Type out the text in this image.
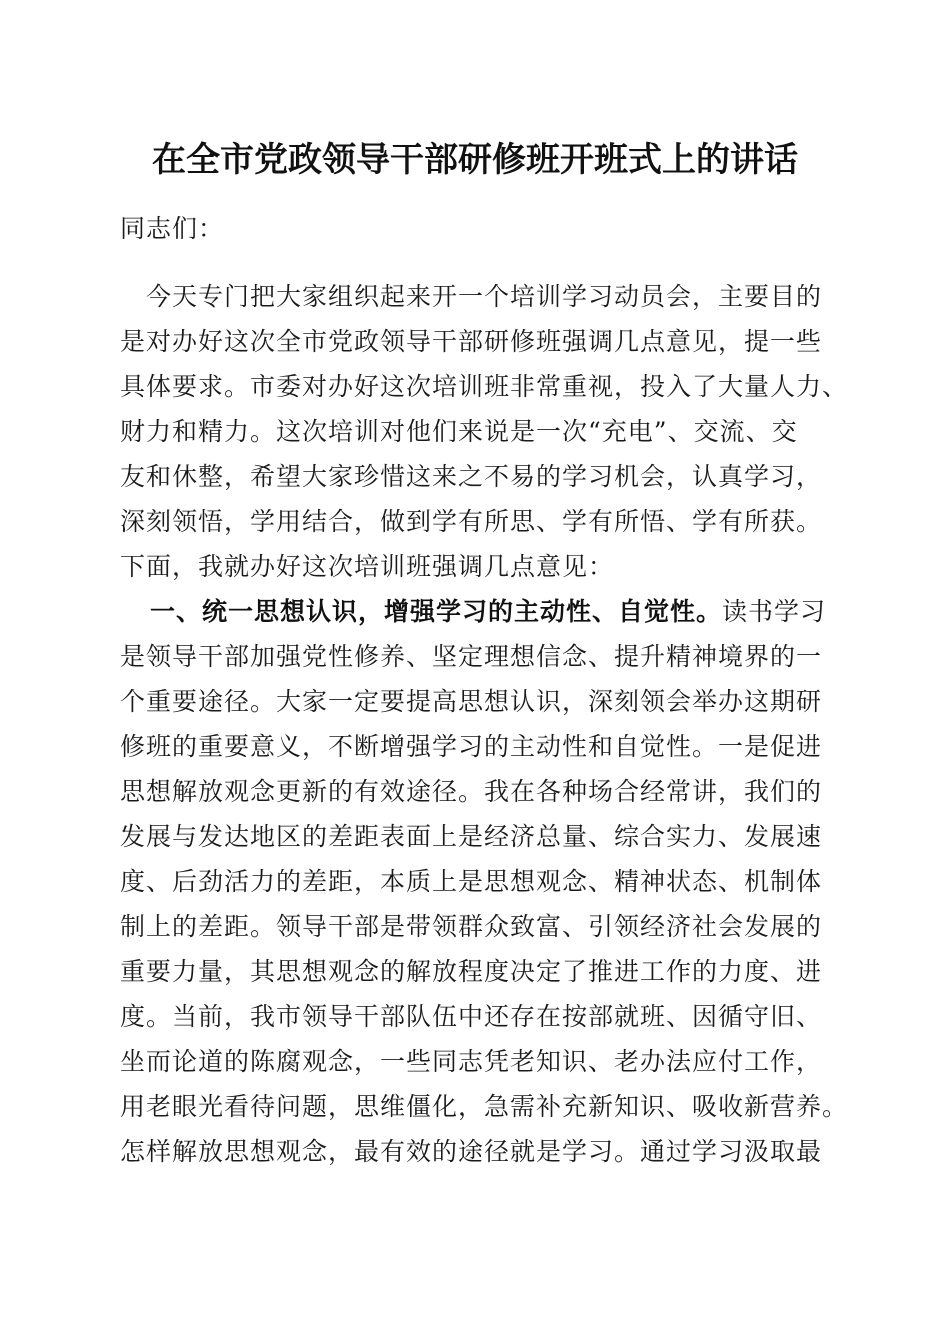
在全市党政领导干部研修班开班式上的讲话
同志们：
　今天专门把大家组织起来开一个培训学习动员会，主要目的
是对办好这次全市党政领导干部研修班强调几点意见，提一些
具体要求。市委对办好这次培训班非常重视，投入了大量人力、
财力和精力。这次培训对他们来说是一次“充电”、交流、交
友和休整，希望大家珍惜这来之不易的学习机会，认真学习，
深刻领悟，学用结合，做到学有所思、学有所悟、学有所获。
下面，我就办好这次培训班强调几点意见：
一、统一思想认识，增强学习的主动性、自觉性。读书学习
是领导干部加强党性修养、坚定理想信念、提升精神境界的一
个重要途径。大家一定要提高思想认识，深刻领会举办这期研
修班的重要意义，不断增强学习的主动性和自觉性。一是促进
思想解放观念更新的有效途径。我在各种场合经常讲，我们的
发展与发达地区的差距表面上是经济总量、综合实力、发展速
度、后劲活力的差距，本质上是思想观念、精神状态、机制体
制上的差距。领导干部是带领群众致富、引领经济社会发展的
重要力量，其思想观念的解放程度决定了推进工作的力度、进
度。当前，我市领导干部队伍中还存在按部就班、因循守旧、
坐而论道的陈腐观念，一些同志凭老知识、老办法应付工作，
用老眼光看待问题，思维僵化，急需补充新知识、吸收新营养。
怎样解放思想观念，最有效的途径就是学习。通过学习汲取最
